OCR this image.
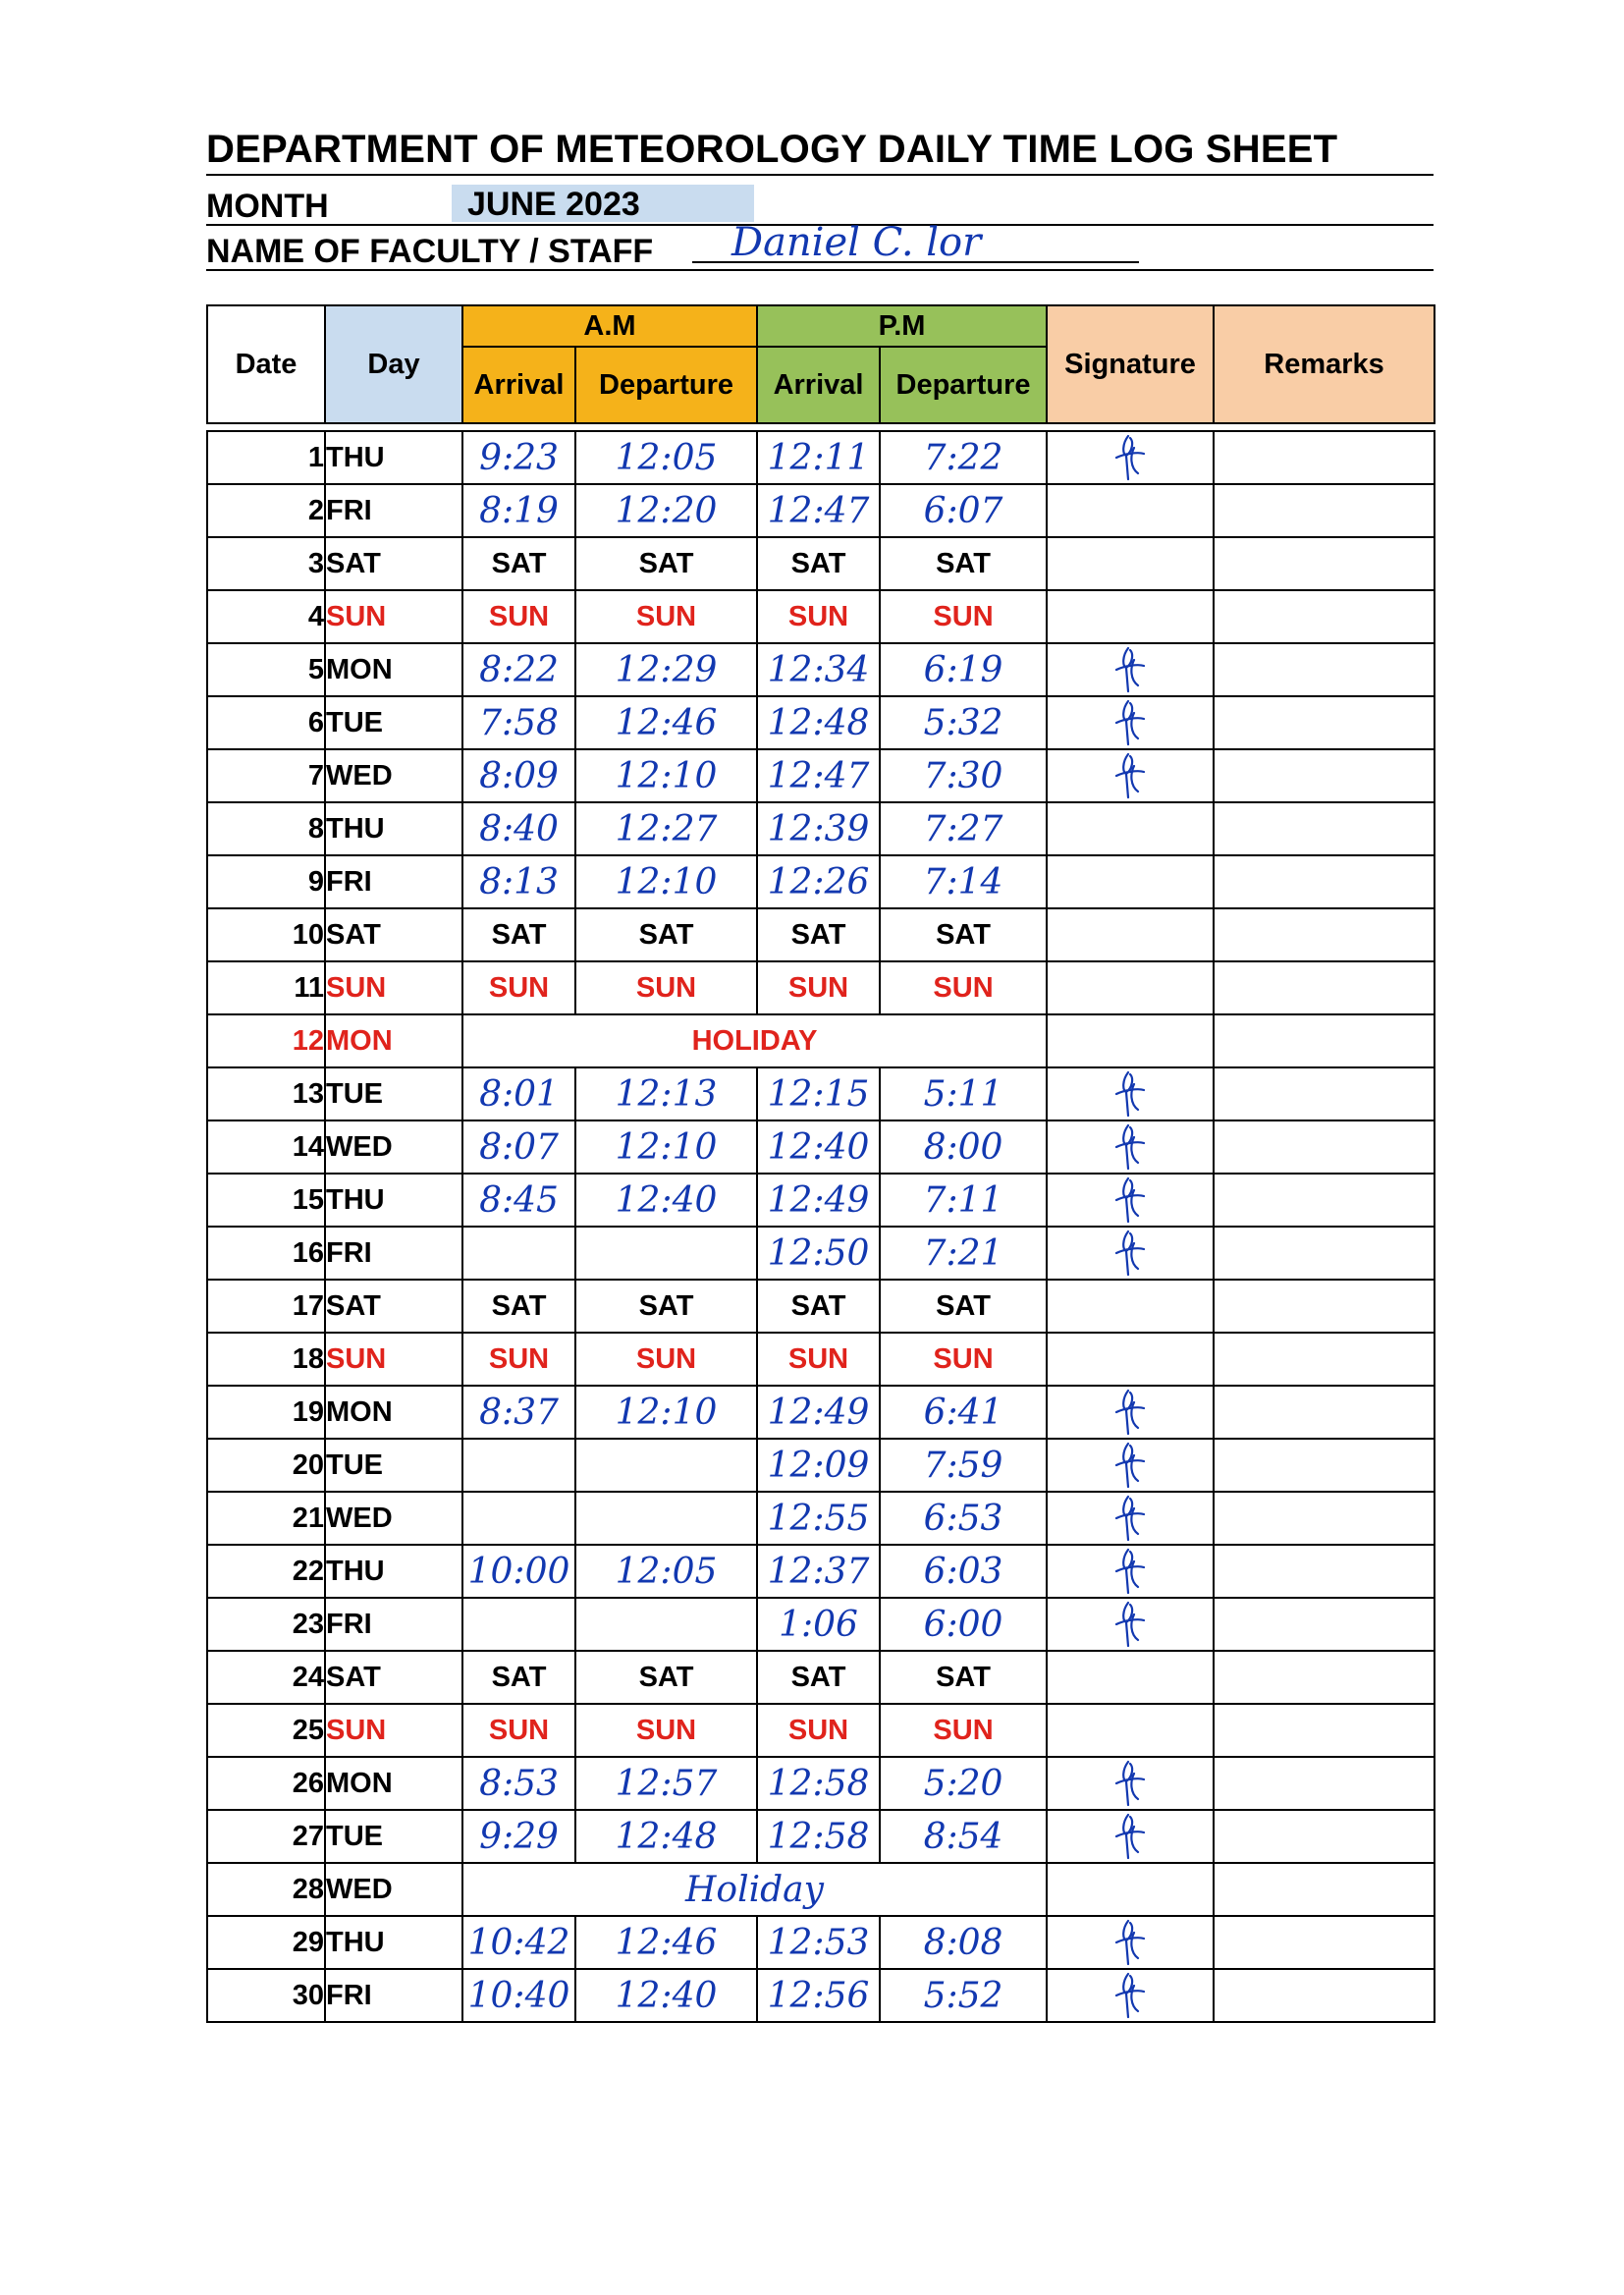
DEPARTMENT OF METEOROLOGY DAILY TIME LOG SHEET
MONTH	JUNE 2023
NAME OF FACULTY / STAFF	Daniel C. lor
Date	Day	A.M		P.M		Signature	Remarks
		Arrival	Departure	Arrival	Departure		

1	THU	9:23	12:05	12:11	7:22	

2	FRI	8:19	12:20	12:47	6:07		
3	SAT	SAT	SAT	SAT	SAT		
4	SUN	SUN	SUN	SUN	SUN		
5	MON	8:22	12:29	12:34	6:19	

6	TUE	7:58	12:46	12:48	5:32	

7	WED	8:09	12:10	12:47	7:30	

8	THU	8:40	12:27	12:39	7:27		
9	FRI	8:13	12:10	12:26	7:14		
10	SAT	SAT	SAT	SAT	SAT		
11	SUN	SUN	SUN	SUN	SUN		
12	MON	HOLIDAY					
13	TUE	8:01	12:13	12:15	5:11	

14	WED	8:07	12:10	12:40	8:00	

15	THU	8:45	12:40	12:49	7:11	

16	FRI			12:50	7:21	

17	SAT	SAT	SAT	SAT	SAT		
18	SUN	SUN	SUN	SUN	SUN		
19	MON	8:37	12:10	12:49	6:41	

20	TUE			12:09	7:59	

21	WED			12:55	6:53	

22	THU	10:00	12:05	12:37	6:03	

23	FRI			1:06	6:00	

24	SAT	SAT	SAT	SAT	SAT		
25	SUN	SUN	SUN	SUN	SUN		
26	MON	8:53	12:57	12:58	5:20	

27	TUE	9:29	12:48	12:58	8:54	

28	WED	Holiday					
29	THU	10:42	12:46	12:53	8:08	

30	FRI	10:40	12:40	12:56	5:52	
